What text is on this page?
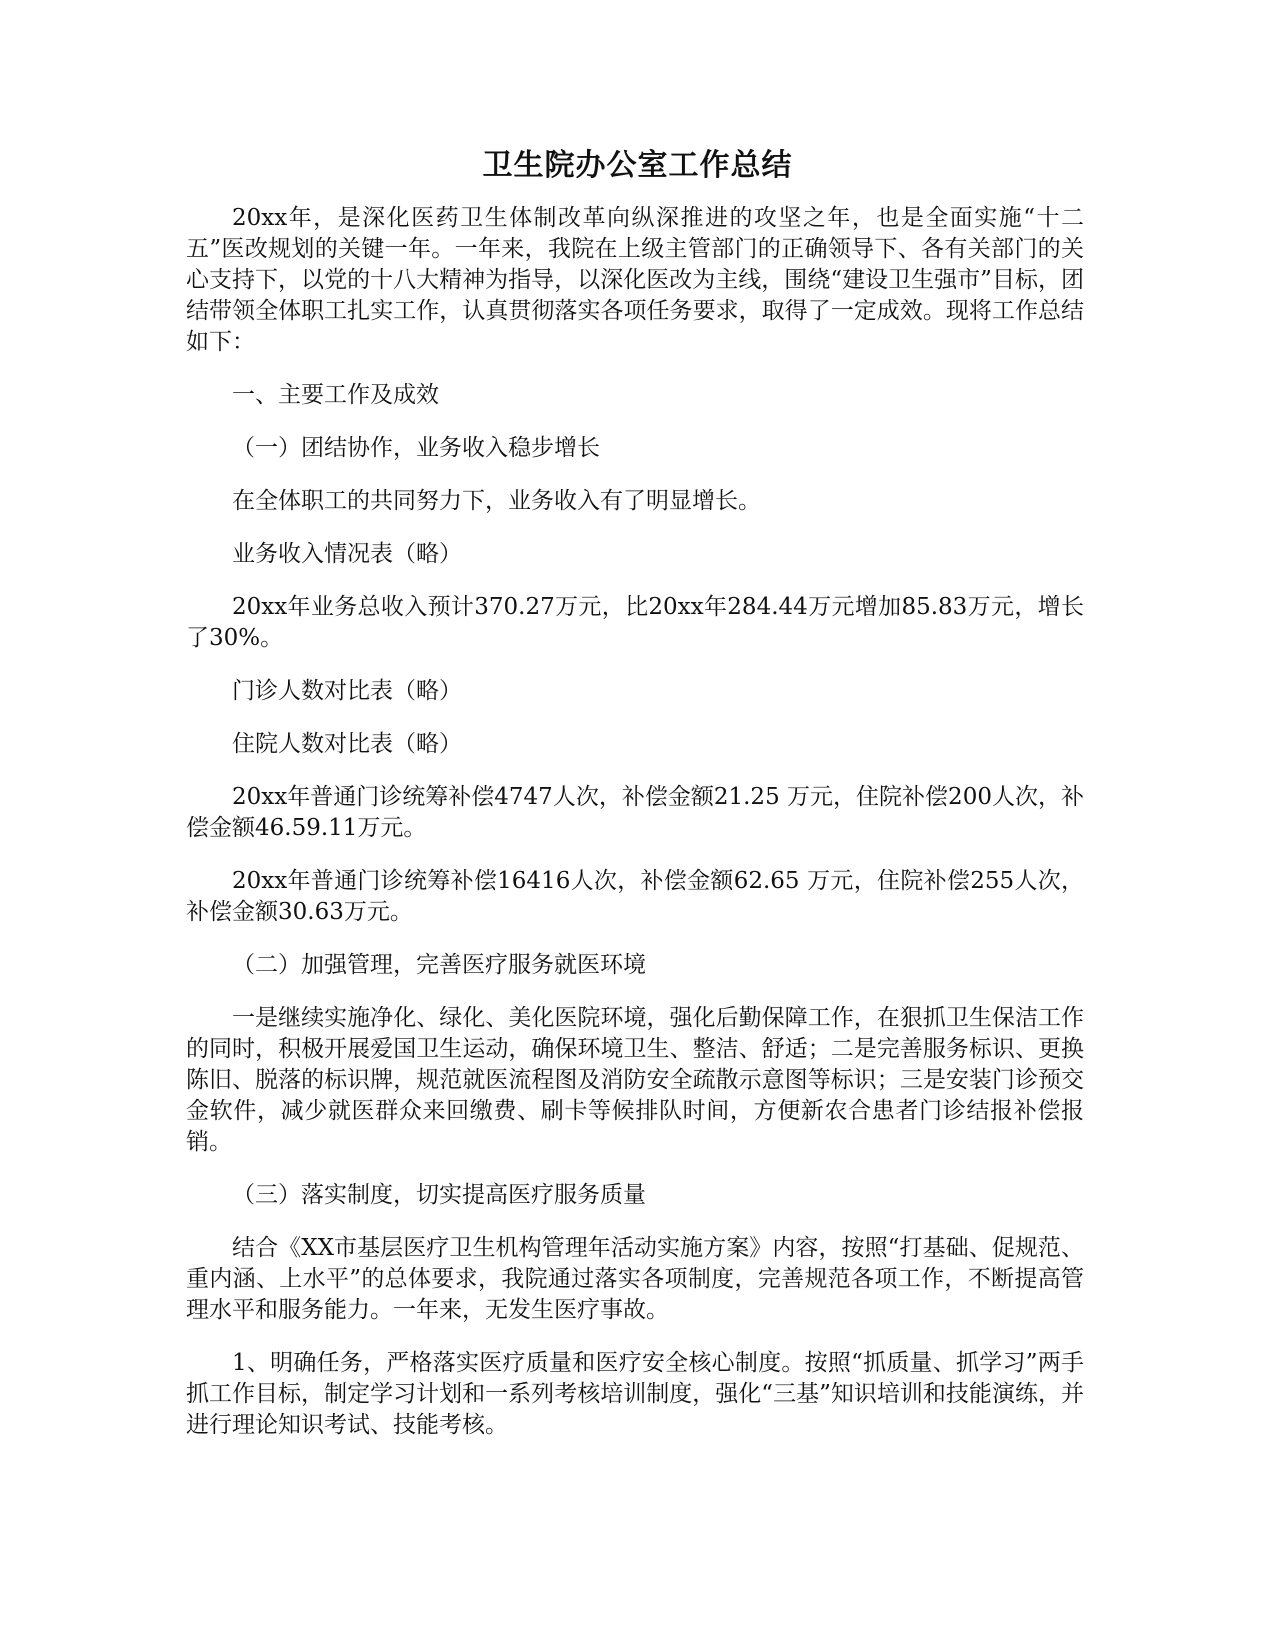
卫生院办公室工作总结

20xx年，是深化医药卫生体制改革向纵深推进的攻坚之年，也是全面实施“十二五”医改规划的关键一年。一年来，我院在上级主管部门的正确领导下、各有关部门的关心支持下，以党的十八大精神为指导，以深化医改为主线，围绕“建设卫生强市”目标，团结带领全体职工扎实工作，认真贯彻落实各项任务要求，取得了一定成效。现将工作总结如下：

一、主要工作及成效

（一）团结协作，业务收入稳步增长

在全体职工的共同努力下，业务收入有了明显增长。

业务收入情况表（略）

20xx年业务总收入预计370.27万元，比20xx年284.44万元增加85.83万元，增长了30%。

门诊人数对比表（略）

住院人数对比表（略）

20xx年普通门诊统筹补偿4747人次，补偿金额21.25 万元，住院补偿200人次，补偿金额46.59.11万元。

20xx年普通门诊统筹补偿16416人次，补偿金额62.65 万元，住院补偿255人次，补偿金额30.63万元。

（二）加强管理，完善医疗服务就医环境

一是继续实施净化、绿化、美化医院环境，强化后勤保障工作，在狠抓卫生保洁工作的同时，积极开展爱国卫生运动，确保环境卫生、整洁、舒适；二是完善服务标识、更换陈旧、脱落的标识牌，规范就医流程图及消防安全疏散示意图等标识；三是安装门诊预交金软件，减少就医群众来回缴费、刷卡等候排队时间，方便新农合患者门诊结报补偿报销。

（三）落实制度，切实提高医疗服务质量

结合《XX市基层医疗卫生机构管理年活动实施方案》内容，按照“打基础、促规范、重内涵、上水平”的总体要求，我院通过落实各项制度，完善规范各项工作，不断提高管理水平和服务能力。一年来，无发生医疗事故。

1、明确任务，严格落实医疗质量和医疗安全核心制度。按照“抓质量、抓学习”两手抓工作目标，制定学习计划和一系列考核培训制度，强化“三基”知识培训和技能演练，并进行理论知识考试、技能考核。
